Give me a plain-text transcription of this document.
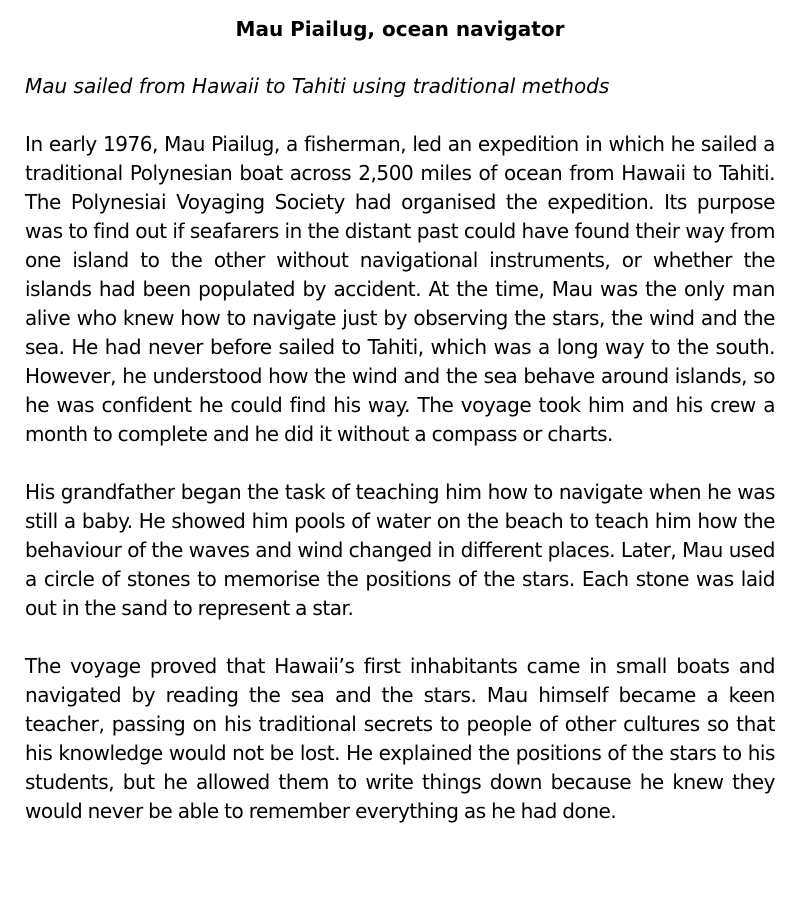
Mau Piailug, ocean navigator
Mau sailed from Hawaii to Tahiti using traditional methods

In early 1976, Mau Piailug, a fisherman, led an expedition in which he sailed a traditional Polynesian boat across 2,500 miles of ocean from Hawaii to Tahiti. The Polynesiai Voyaging Society had organised the expedition. Its purpose was to find out if seafarers in the distant past could have found their way from one island to the other without navigational instruments, or whether the islands had been populated by accident. At the time, Mau was the only man alive who knew how to navigate just by observing the stars, the wind and the sea. He had never before sailed to Tahiti, which was a long way to the south. However, he understood how the wind and the sea behave around islands, so he was confident he could find his way. The voyage took him and his crew a month to complete and he did it without a compass or charts.

His grandfather began the task of teaching him how to navigate when he was still a baby. He showed him pools of water on the beach to teach him how the behaviour of the waves and wind changed in different places. Later, Mau used a circle of stones to memorise the positions of the stars. Each stone was laid out in the sand to represent a star.

The voyage proved that Hawaii’s first inhabitants came in small boats and navigated by reading the sea and the stars. Mau himself became a keen teacher, passing on his traditional secrets to people of other cultures so that his knowledge would not be lost. He explained the positions of the stars to his students, but he allowed them to write things down because he knew they would never be able to remember everything as he had done.
